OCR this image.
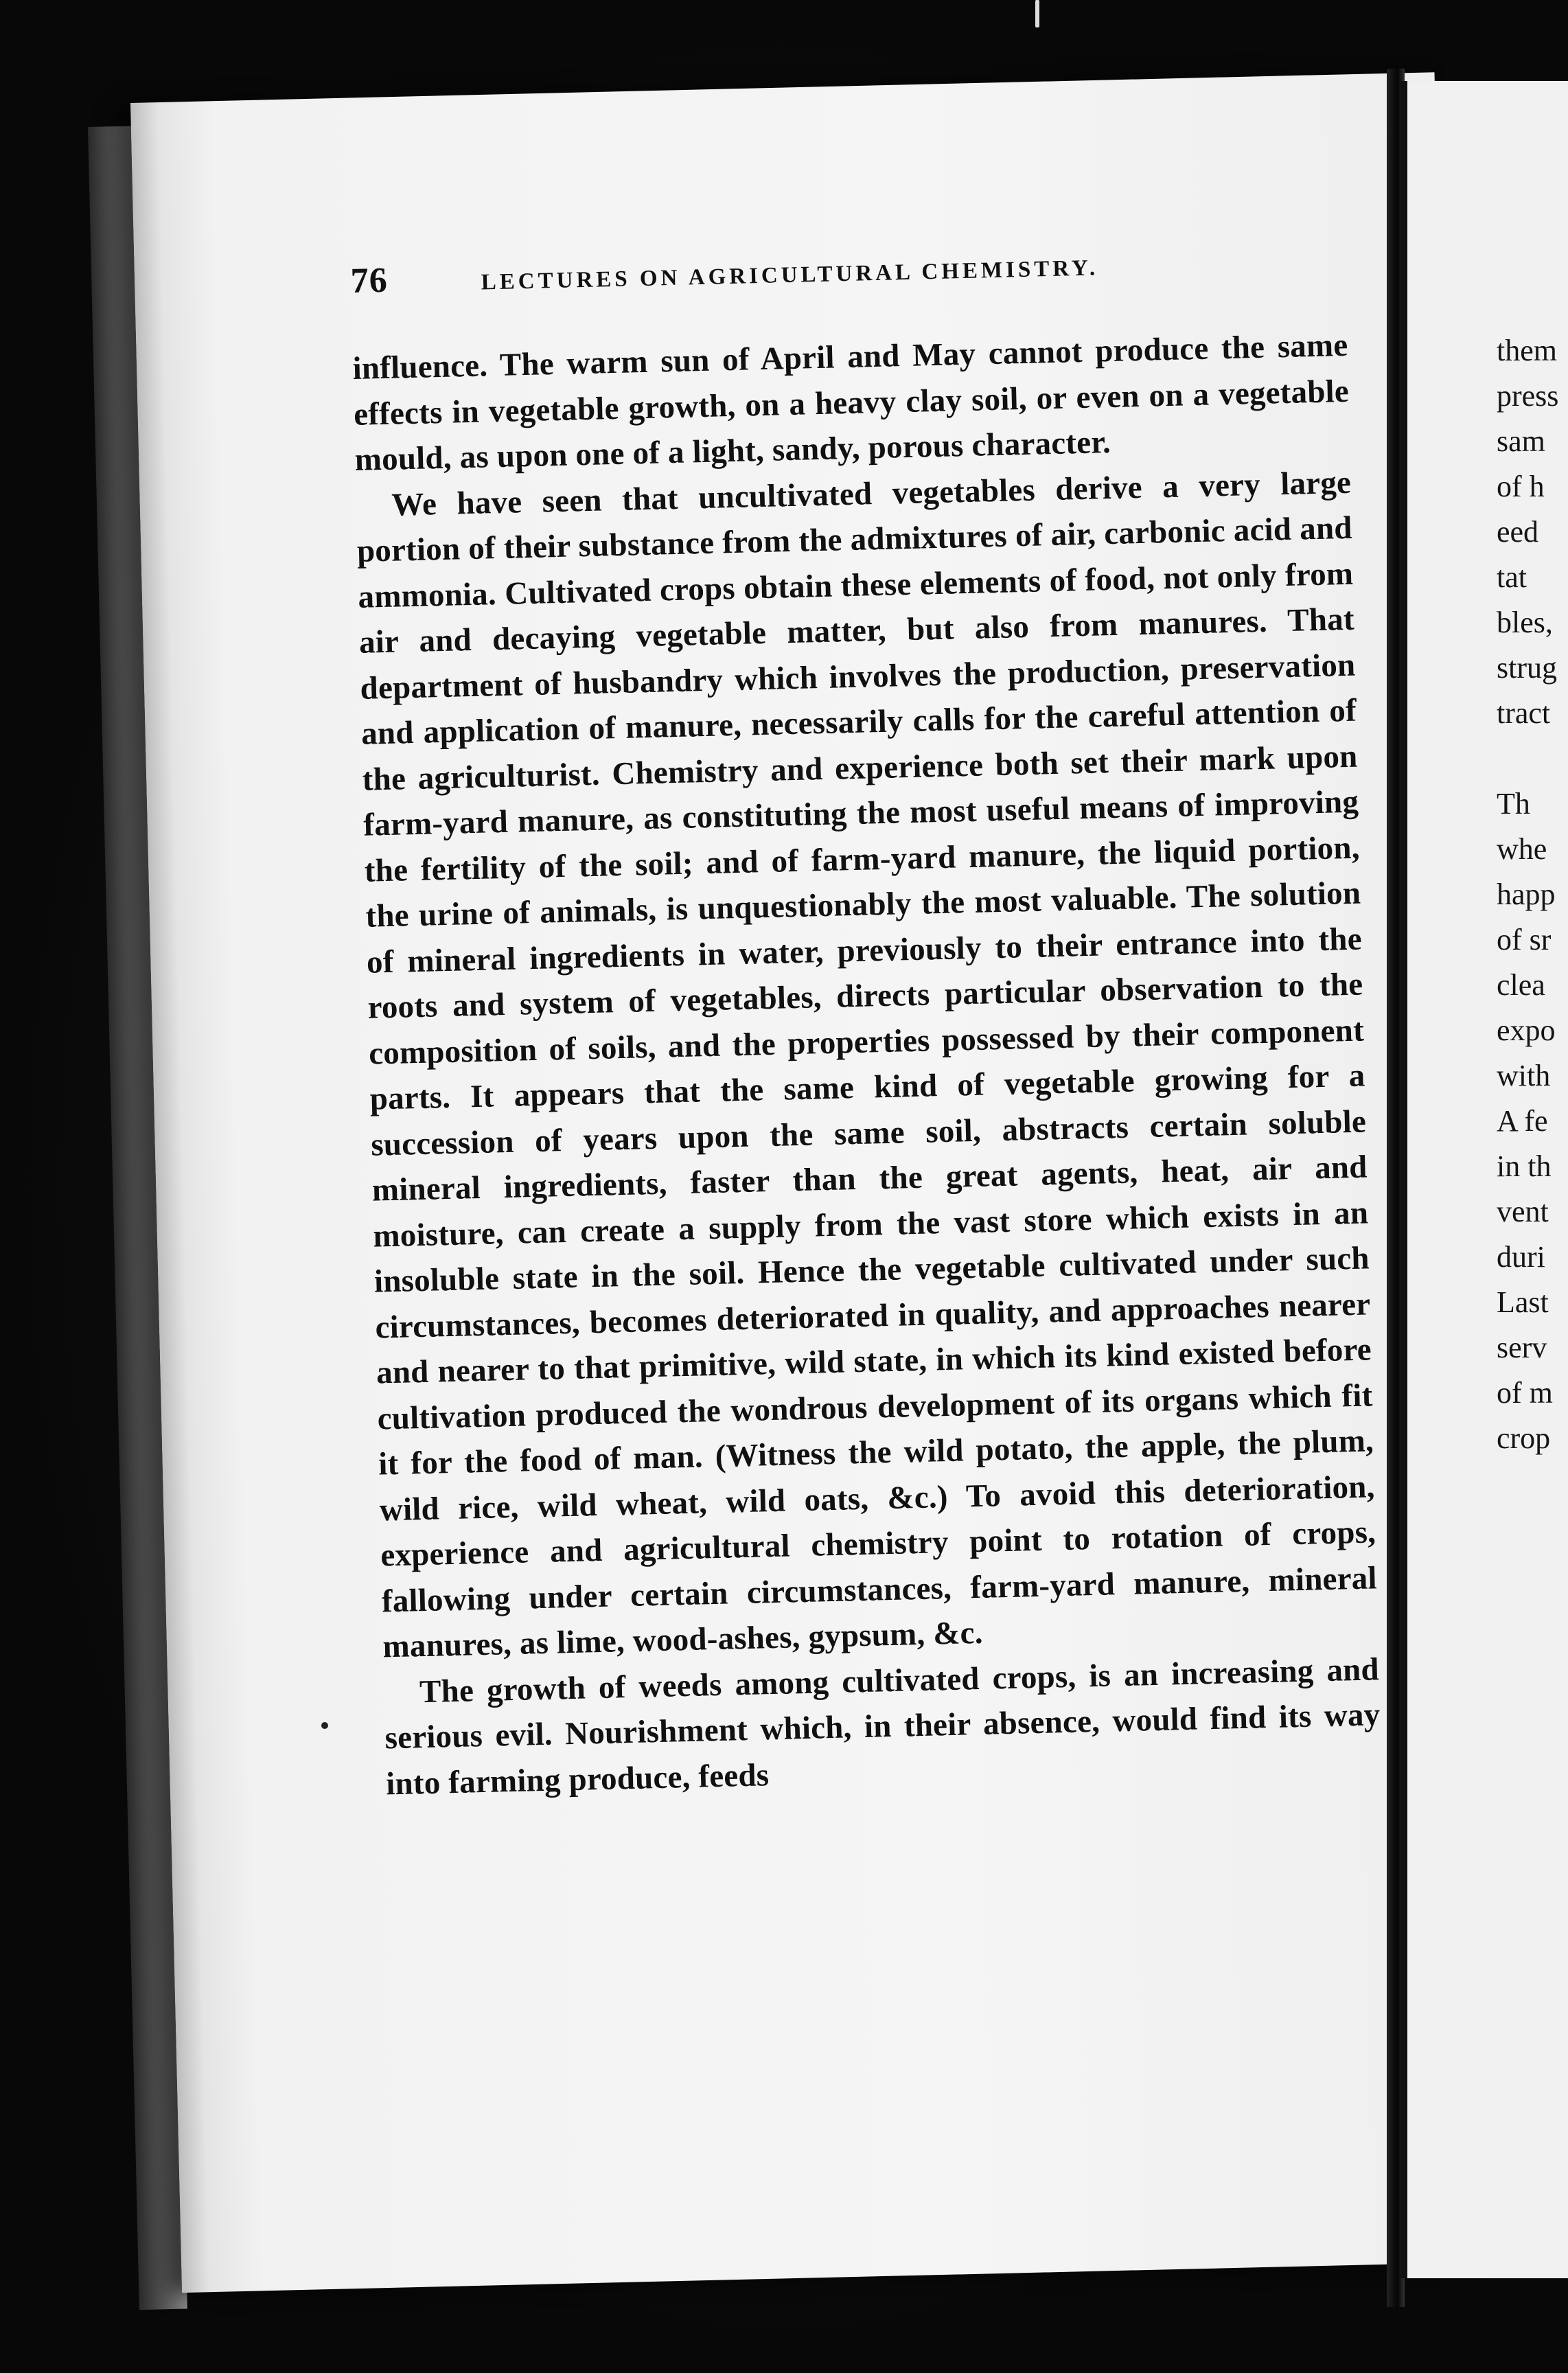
them
press
sam
of h
eed
tat
bles,
strug
tract
Th
whe
happ
of sr
clea
expo
with
A fe
in th
vent
duri
Last
serv
of m
crop
76	LECTURES ON AGRICULTURAL CHEMISTRY.

influence. The warm sun of April and May cannot produce the same effects in vegetable growth, on a heavy clay soil, or even on a vegetable mould, as upon one of a light, sandy, porous character.

We have seen that uncultivated vegetables derive a very large portion of their substance from the admixtures of air, carbonic acid and ammonia. Cultivated crops obtain these elements of food, not only from air and decaying vegetable matter, but also from manures. That department of husbandry which involves the production, preservation and application of manure, necessarily calls for the careful attention of the agriculturist. Chemistry and experience both set their mark upon farm-yard manure, as constituting the most useful means of improving the fertility of the soil; and of farm-yard manure, the liquid portion, the urine of animals, is unquestionably the most valuable. The solution of mineral ingredients in water, previously to their entrance into the roots and system of vegetables, directs particular observation to the composition of soils, and the properties possessed by their component parts. It appears that the same kind of vegetable growing for a succession of years upon the same soil, abstracts certain soluble mineral ingredients, faster than the great agents, heat, air and moisture, can create a supply from the vast store which exists in an insoluble state in the soil. Hence the vegetable cultivated under such circumstances, becomes deteriorated in quality, and approaches nearer and nearer to that primitive, wild state, in which its kind existed before cultivation produced the wondrous development of its organs which fit it for the food of man. (Witness the wild potato, the apple, the plum, wild rice, wild wheat, wild oats, &c.) To avoid this deterioration, experience and agricultural chemistry point to rotation of crops, fallowing under certain circumstances, farm-yard manure, mineral manures, as lime, wood-ashes, gypsum, &c.

The growth of weeds among cultivated crops, is an increasing and serious evil. Nourishment which, in their absence, would find its way into farming produce, feeds
